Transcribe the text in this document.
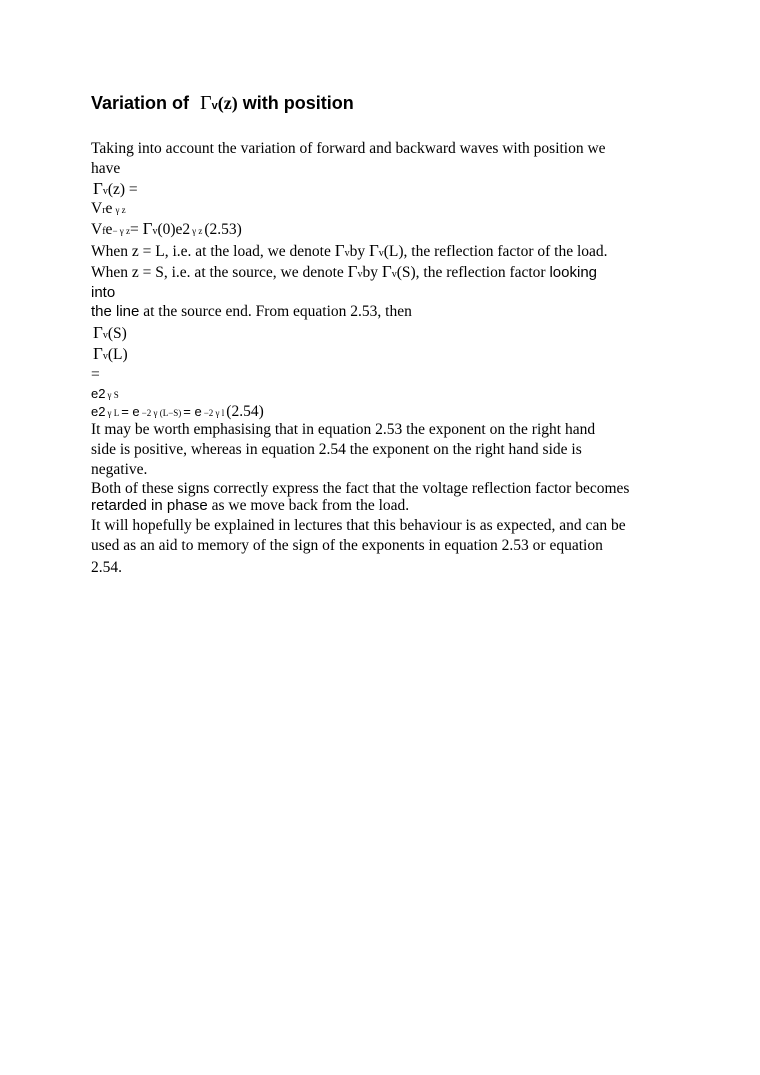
Variation of Γv(z) with position
Taking into account the variation of forward and backward waves with position we
have
Γv(z) =
Vre γ z
Vfe− γ z= Γv(0)e2 γ z (2.53)
When z = L, i.e. at the load, we denote Γvby Γv(L), the reflection factor of the load.
When z = S, i.e. at the source, we denote Γvby Γv(S), the reflection factor looking
into
the line at the source end. From equation 2.53, then
Γv(S)
Γv(L)
=
e2 γ S
e2 γ L = e −2 γ (L−S) = e −2 γ l (2.54)
It may be worth emphasising that in equation 2.53 the exponent on the right hand
side is positive, whereas in equation 2.54 the exponent on the right hand side is
negative.
Both of these signs correctly express the fact that the voltage reflection factor becomes
retarded in phase as we move back from the load.
It will hopefully be explained in lectures that this behaviour is as expected, and can be
used as an aid to memory of the sign of the exponents in equation 2.53 or equation
2.54.
